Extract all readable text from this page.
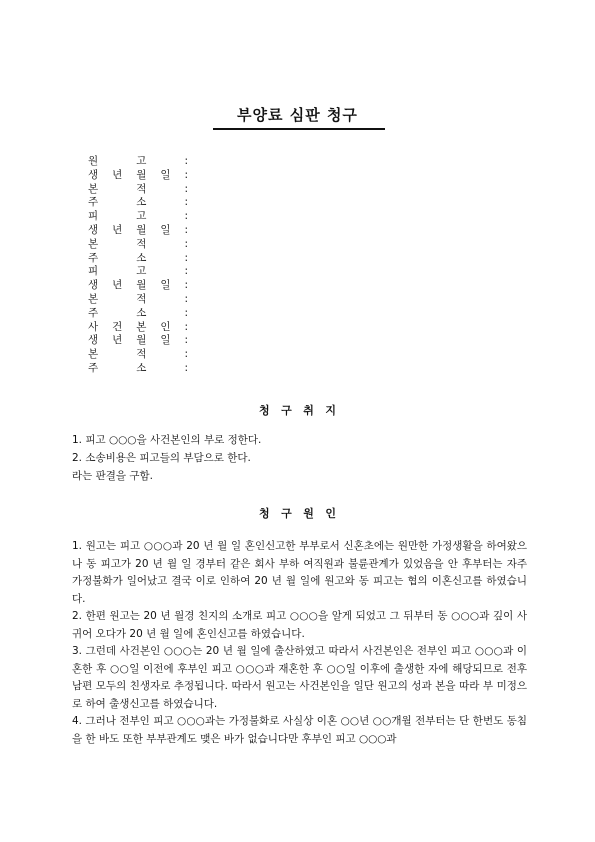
부양료 심판 청구
원	고	:
생 년 월 일 :
본	적	:
주	소	:
피	고	:
생 년 월 일 :
본	적	:
주	소	:
피	고	:
생 년 월 일 :
본	적	:
주	소	:
사 건 본 인 :
생 년 월 일 :
본	적	:
주	소	:
청   구   취   지
1. 피고 ○○○을 사건본인의 부로 정한다.
2. 소송비용은 피고들의 부담으로 한다.
라는 판결을 구함.
청   구   원   인

1. 원고는 피고 ○○○과 20 년 월 일 혼인신고한 부부로서 신혼초에는 원만한 가정생활을 하여왔으나 동 피고가 20 년 월 일 경부터 같은 회사 부하 여직원과 불륜관계가 있었음을 안 후부터는 자주 가정불화가 일어났고 결국 이로 인하여 20 년 월 일에 원고와 동 피고는 협의 이혼신고를 하였습니다.

2. 한편 원고는 20 년 월경 친지의 소개로 피고 ○○○을 알게 되었고 그 뒤부터 동 ○○○과 깊이 사귀어 오다가 20 년 월 일에 혼인신고를 하였습니다.

3. 그런데 사건본인 ○○○는 20 년 월 일에 출산하였고 따라서 사건본인은 전부인 피고 ○○○과 이혼한 후 ○○일 이전에 후부인 피고 ○○○과 재혼한 후 ○○일 이후에 출생한 자에 해당되므로 전후 남편 모두의 친생자로 추정됩니다. 따라서 원고는 사건본인을 일단 원고의 성과 본을 따라 부 미정으로 하여 출생신고를 하였습니다.

4. 그러나 전부인 피고 ○○○과는 가정불화로 사실상 이혼 ○○년 ○○개월 전부터는 단 한번도 동침을 한 바도 또한 부부관계도 맺은 바가 없습니다만 후부인 피고 ○○○과
